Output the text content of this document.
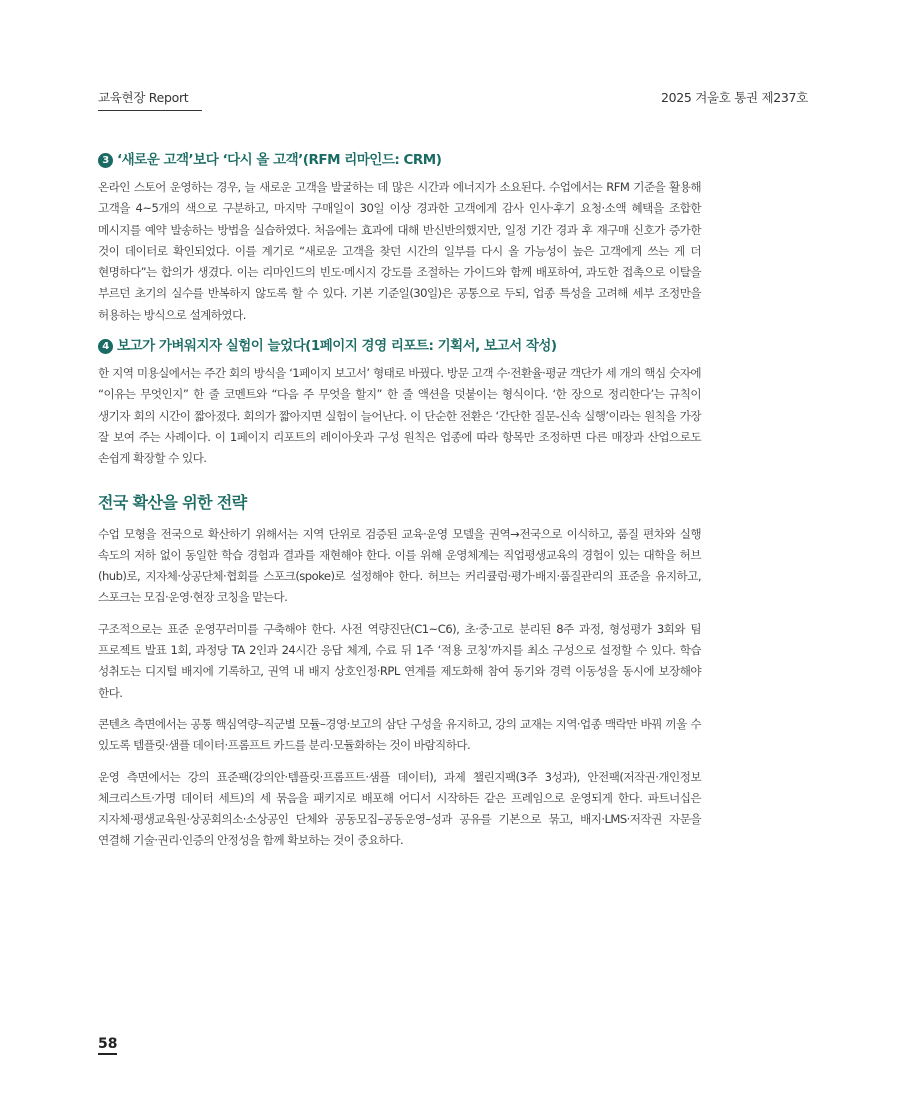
교육현장 Report	2025 겨울호 통권 제237호
3 ‘새로운 고객’보다 ‘다시 올 고객’(RFM 리마인드: CRM)

온라인 스토어 운영하는 경우, 늘 새로운 고객을 발굴하는 데 많은 시간과 에너지가 소요된다. 수업에서는 RFM 기준을 활용해 고객을 4~5개의 색으로 구분하고, 마지막 구매일이 30일 이상 경과한 고객에게 감사 인사·후기 요청·소액 혜택을 조합한 메시지를 예약 발송하는 방법을 실습하였다. 처음에는 효과에 대해 반신반의했지만, 일정 기간 경과 후 재구매 신호가 증가한 것이 데이터로 확인되었다. 이를 계기로 “새로운 고객을 찾던 시간의 일부를 다시 올 가능성이 높은 고객에게 쓰는 게 더 현명하다”는 합의가 생겼다. 이는 리마인드의 빈도·메시지 강도를 조절하는 가이드와 함께 배포하여, 과도한 접촉으로 이탈을 부르던 초기의 실수를 반복하지 않도록 할 수 있다. 기본 기준일(30일)은 공통으로 두되, 업종 특성을 고려해 세부 조정만을 허용하는 방식으로 설계하였다.

4 보고가 가벼워지자 실험이 늘었다(1페이지 경영 리포트: 기획서, 보고서 작성)

한 지역 미용실에서는 주간 회의 방식을 ‘1페이지 보고서’ 형태로 바꿨다. 방문 고객 수·전환율·평균 객단가 세 개의 핵심 숫자에 “이유는 무엇인지” 한 줄 코멘트와 “다음 주 무엇을 할지” 한 줄 액션을 덧붙이는 형식이다. ‘한 장으로 정리한다’는 규칙이 생기자 회의 시간이 짧아졌다. 회의가 짧아지면 실험이 늘어난다. 이 단순한 전환은 ‘간단한 질문-신속 실행’이라는 원칙을 가장 잘 보여 주는 사례이다. 이 1페이지 리포트의 레이아웃과 구성 원칙은 업종에 따라 항목만 조정하면 다른 매장과 산업으로도 손쉽게 확장할 수 있다.

전국 확산을 위한 전략

수업 모형을 전국으로 확산하기 위해서는 지역 단위로 검증된 교육·운영 모델을 권역→전국으로 이식하고, 품질 편차와 실행 속도의 저하 없이 동일한 학습 경험과 결과를 재현해야 한다. 이를 위해 운영체계는 직업평생교육의 경험이 있는 대학을 허브(hub)로, 지자체·상공단체·협회를 스포크(spoke)로 설정해야 한다. 허브는 커리큘럼·평가·배지·품질관리의 표준을 유지하고, 스포크는 모집·운영·현장 코칭을 맡는다.

구조적으로는 표준 운영꾸러미를 구축해야 한다. 사전 역량진단(C1~C6), 초·중·고로 분리된 8주 과정, 형성평가 3회와 팀 프로젝트 발표 1회, 과정당 TA 2인과 24시간 응답 체계, 수료 뒤 1주 ‘적용 코칭’까지를 최소 구성으로 설정할 수 있다. 학습 성취도는 디지털 배지에 기록하고, 권역 내 배지 상호인정·RPL 연계를 제도화해 참여 동기와 경력 이동성을 동시에 보장해야 한다.

콘텐츠 측면에서는 공통 핵심역량–직군별 모듈–경영·보고의 삼단 구성을 유지하고, 강의 교재는 지역·업종 맥락만 바꿔 끼울 수 있도록 템플릿·샘플 데이터·프롬프트 카드를 분리·모듈화하는 것이 바람직하다.

운영 측면에서는 강의 표준팩(강의안·템플릿·프롬프트·샘플 데이터), 과제 챌린지팩(3주 3성과), 안전팩(저작권·개인정보 체크리스트·가명 데이터 세트)의 세 묶음을 패키지로 배포해 어디서 시작하든 같은 프레임으로 운영되게 한다. 파트너십은 지자체·평생교육원·상공회의소·소상공인 단체와 공동모집–공동운영–성과 공유를 기본으로 묶고, 배지·LMS·저작권 자문을 연결해 기술·권리·인증의 안정성을 함께 확보하는 것이 중요하다.

58
